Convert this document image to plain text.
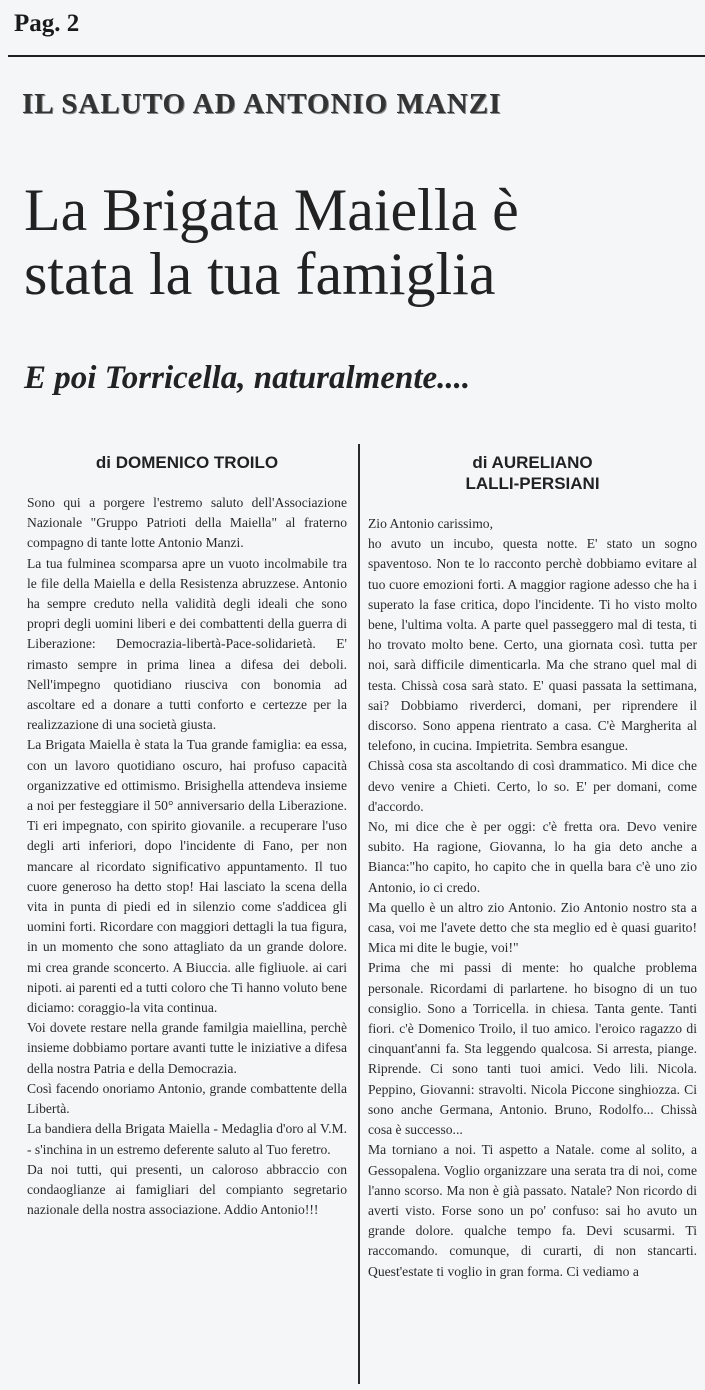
Pag. 2
IL SALUTO AD ANTONIO MANZI
La Brigata Maiella è
stata la tua famiglia
E poi Torricella, naturalmente....
di DOMENICO TROILO

Sono qui a porgere l'estremo saluto dell'Associazione Nazionale "Gruppo Patrioti della Maiella" al fraterno compagno di tante lotte Antonio Manzi.

La tua fulminea scomparsa apre un vuoto incolmabile tra le file della Maiella e della Resistenza abruzzese. Antonio ha sempre creduto nella validità degli ideali che sono propri degli uomini liberi e dei combattenti della guerra di Liberazione: Democrazia-libertà-Pace-solidarietà. E' rimasto sempre in prima linea a difesa dei deboli. Nell'impegno quotidiano riusciva con bonomia ad ascoltare ed a donare a tutti conforto e certezze per la realizzazione di una società giusta.

La Brigata Maiella è stata la Tua grande famiglia: ea essa, con un lavoro quotidiano oscuro, hai profuso capacità organizzative ed ottimismo. Brisighella attendeva insieme a noi per festeggiare il 50° anniversario della Liberazione. Ti eri impegnato, con spirito giovanile. a recuperare l'uso degli arti inferiori, dopo l'incidente di Fano, per non mancare al ricordato significativo appuntamento. Il tuo cuore generoso ha detto stop! Hai lasciato la scena della vita in punta di piedi ed in silenzio come s'addicea gli uomini forti. Ricordare con maggiori dettagli la tua figura, in un momento che sono attagliato da un grande dolore. mi crea grande sconcerto. A Biuccia. alle figliuole. ai cari nipoti. ai parenti ed a tutti coloro che Ti hanno voluto bene diciamo: coraggio-la vita continua.

Voi dovete restare nella grande familgia maiellina, perchè insieme dobbiamo portare avanti tutte le iniziative a difesa della nostra Patria e della Democrazia.

Così facendo onoriamo Antonio, grande combattente della Libertà.

La bandiera della Brigata Maiella - Medaglia d'oro al V.M. - s'inchina in un estremo deferente saluto al Tuo feretro.

Da noi tutti, qui presenti, un caloroso abbraccio con condaoglianze ai famigliari del compianto segretario nazionale della nostra associazione. Addio Antonio!!!

di AURELIANO
LALLI-PERSIANI

Zio Antonio carissimo,

ho avuto un incubo, questa notte. E' stato un sogno spaventoso. Non te lo racconto perchè dobbiamo evitare al tuo cuore emozioni forti. A maggior ragione adesso che ha i superato la fase critica, dopo l'incidente. Ti ho visto molto bene, l'ultima volta. A parte quel passeggero mal di testa, ti ho trovato molto bene. Certo, una giornata così. tutta per noi, sarà difficile dimenticarla. Ma che strano quel mal di testa. Chissà cosa sarà stato. E' quasi passata la settimana, sai? Dobbiamo riverderci, domani, per riprendere il discorso. Sono appena rientrato a casa. C'è Margherita al telefono, in cucina. Impietrita. Sembra esangue.

Chissà cosa sta ascoltando di così drammatico. Mi dice che devo venire a Chieti. Certo, lo so. E' per domani, come d'accordo.

No, mi dice che è per oggi: c'è fretta ora. Devo venire subito. Ha ragione, Giovanna, lo ha gia deto anche a Bianca:"ho capito, ho capito che in quella bara c'è uno zio Antonio, io ci credo.

Ma quello è un altro zio Antonio. Zio Antonio nostro sta a casa, voi me l'avete detto che sta meglio ed è quasi guarito! Mica mi dite le bugie, voi!"

Prima che mi passi di mente: ho qualche problema personale. Ricordami di parlartene. ho bisogno di un tuo consiglio. Sono a Torricella. in chiesa. Tanta gente. Tanti fiori. c'è Domenico Troilo, il tuo amico. l'eroico ragazzo di cinquant'anni fa. Sta leggendo qualcosa. Si arresta, piange. Riprende. Ci sono tanti tuoi amici. Vedo lili. Nicola. Peppino, Giovanni: stravolti. Nicola Piccone singhiozza. Ci sono anche Germana, Antonio. Bruno, Rodolfo... Chissà cosa è successo...

Ma torniano a noi. Ti aspetto a Natale. come al solito, a Gessopalena. Voglio organizzare una serata tra di noi, come l'anno scorso. Ma non è già passato. Natale? Non ricordo di averti visto. Forse sono un po' confuso: sai ho avuto un grande dolore. qualche tempo fa. Devi scusarmi. Ti raccomando. comunque, di curarti, di non stancarti. Quest'estate ti voglio in gran forma. Ci vediamo a
